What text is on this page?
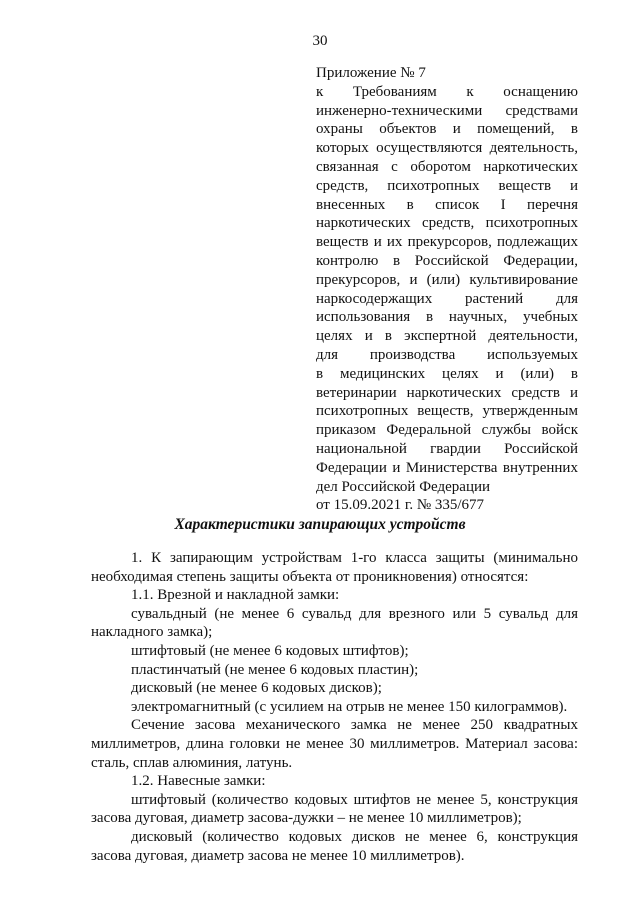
30

Приложение № 7

к Требованиям к оснащению

инженерно-техническими средствами

охраны объектов и помещений, в

которых осуществляются деятельность,

связанная с оборотом наркотических

средств, психотропных веществ и

внесенных в список I перечня

наркотических средств, психотропных

веществ и их прекурсоров, подлежащих

контролю в Российской Федерации,

прекурсоров, и (или) культивирование

наркосодержащих растений для

использования в научных, учебных

целях и в экспертной деятельности,

для производства используемых

в медицинских целях и (или) в

ветеринарии наркотических средств и

психотропных веществ, утвержденным

приказом Федеральной службы войск

национальной гвардии Российской

Федерации и Министерства внутренних

дел Российской Федерации

от 15.09.2021 г. № 335/677

Характеристики запирающих устройств

1. К запирающим устройствам 1-го класса защиты (минимально необходимая степень защиты объекта от проникновения) относятся:

1.1. Врезной и накладной замки:

сувальдный (не менее 6 сувальд для врезного или 5 сувальд для накладного замка);

штифтовый (не менее 6 кодовых штифтов);

пластинчатый (не менее 6 кодовых пластин);

дисковый (не менее 6 кодовых дисков);

электромагнитный (с усилием на отрыв не менее 150 килограммов).

Сечение засова механического замка не менее 250 квадратных миллиметров, длина головки не менее 30 миллиметров. Материал засова: сталь, сплав алюминия, латунь.

1.2. Навесные замки:

штифтовый (количество кодовых штифтов не менее 5, конструкция засова дуговая, диаметр засова-дужки – не менее 10 миллиметров);

дисковый (количество кодовых дисков не менее 6, конструкция засова дуговая, диаметр засова не менее 10 миллиметров).
